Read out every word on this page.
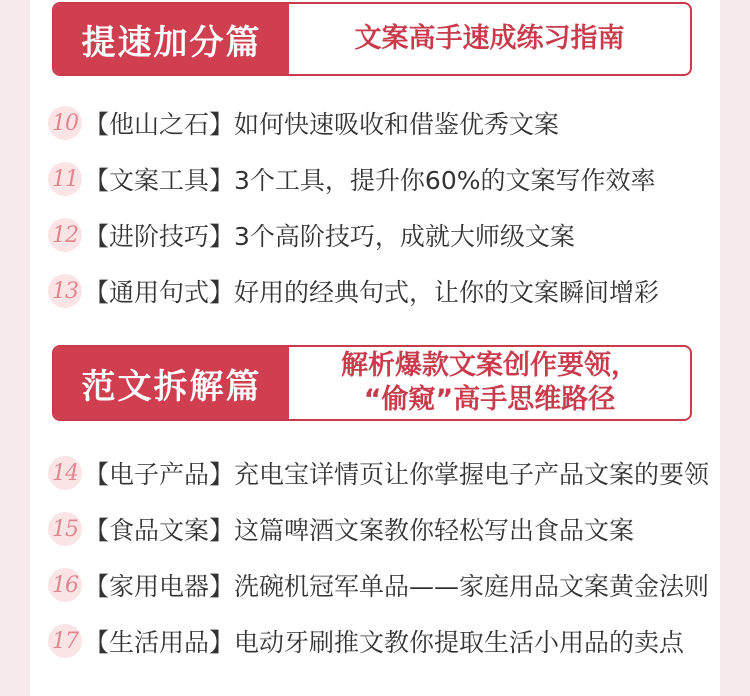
提速加分篇	文案高手速成练习指南
10 【他山之石】 如何快速吸收和借鉴优秀文案
11 【文案工具】 3个工具，提升你60%的文案写作效率
12 【进阶技巧】 3个高阶技巧，成就大师级文案
13 【通用句式】 好用的经典句式，让你的文案瞬间增彩
范文拆解篇
解析爆款文案创作要领，
“偷窥”高手思维路径
14 【电子产品】 充电宝详情页让你掌握电子产品文案的要领
15 【食品文案】 这篇啤酒文案教你轻松写出食品文案
16 【家用电器】 洗碗机冠军单品——家庭用品文案黄金法则
17 【生活用品】 电动牙刷推文教你提取生活小用品的卖点
